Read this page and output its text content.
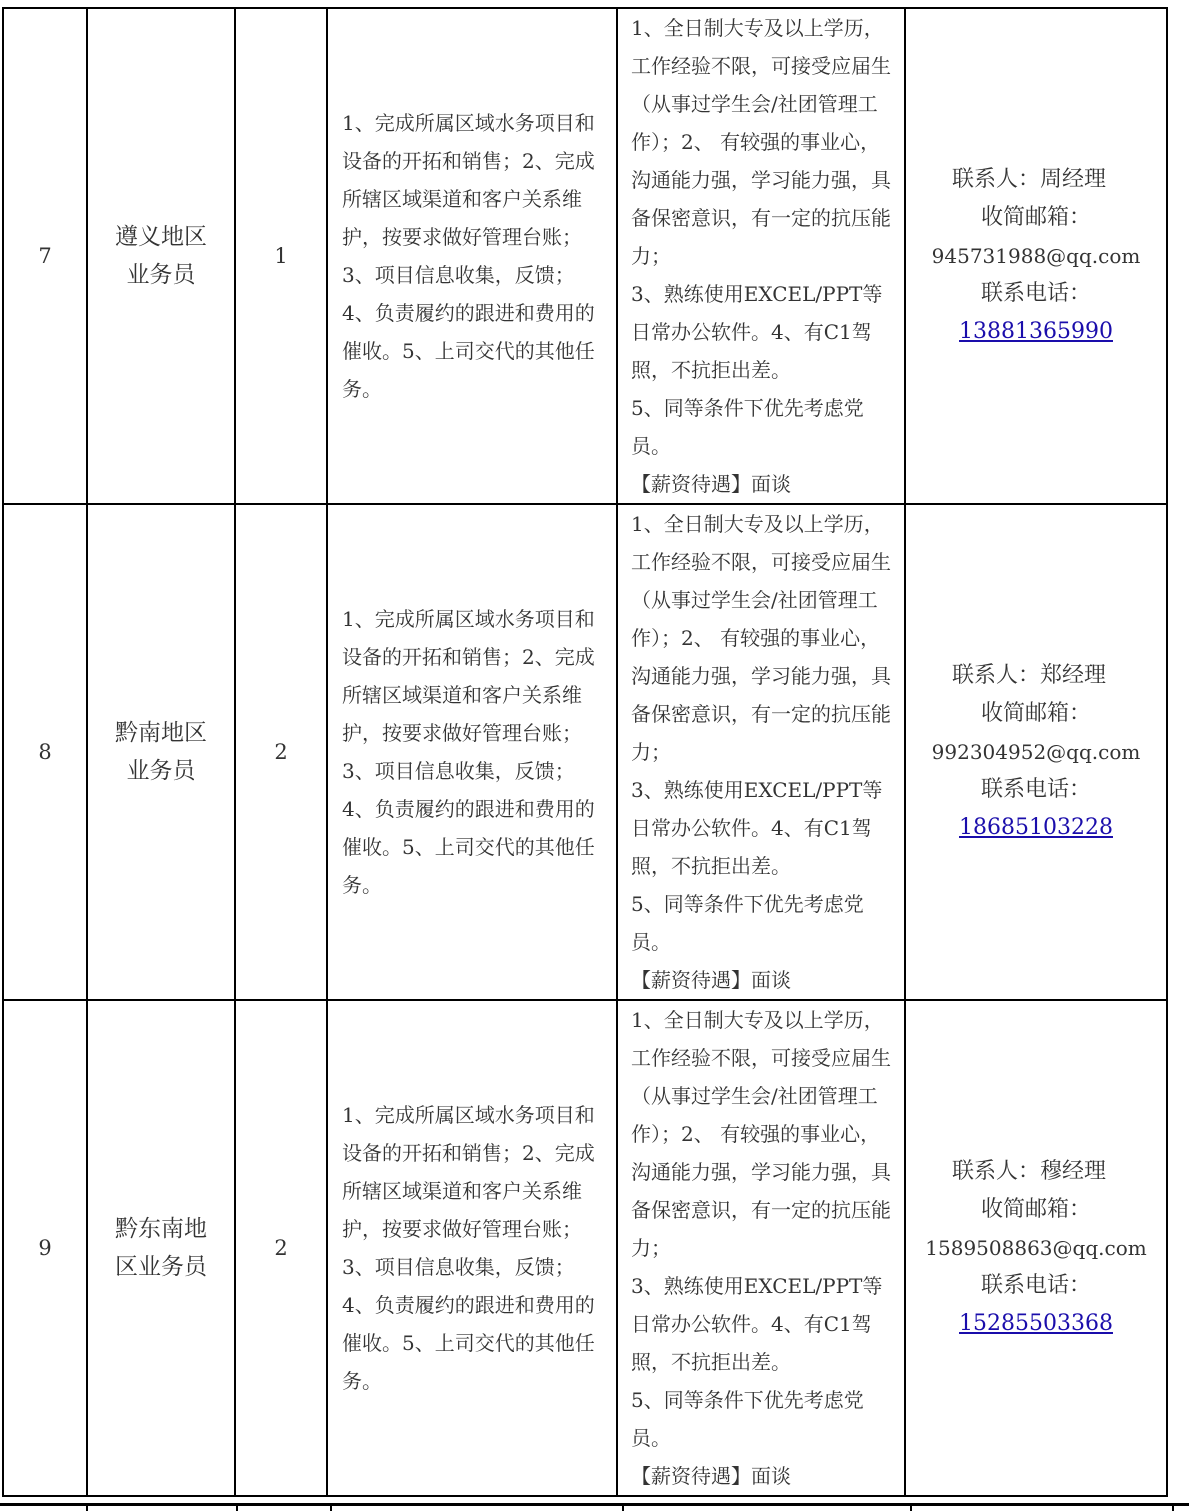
7	遵义地区业务员	1	1、完成所属区域水务项目和设备的开拓和销售；2、完成所辖区域渠道和客户关系维护，按要求做好管理台账；3、项目信息收集，反馈；4、负责履约的跟进和费用的催收。5、上司交代的其他任务。	1、全日制大专及以上学历，工作经验不限，可接受应届生（从事过学生会/社团管理工作）；2、 有较强的事业心，沟通能力强，学习能力强，具备保密意识，有一定的抗压能力；
3、熟练使用EXCEL/PPT等日常办公软件。4、有C1驾照，不抗拒出差。
5、同等条件下优先考虑党员。
【薪资待遇】面谈	联系人：周经理
收简邮箱：
945731988@qq.com
联系电话：
13881365990

8	黔南地区业务员	2	1、完成所属区域水务项目和设备的开拓和销售；2、完成所辖区域渠道和客户关系维护，按要求做好管理台账；3、项目信息收集，反馈；4、负责履约的跟进和费用的催收。5、上司交代的其他任务。	1、全日制大专及以上学历，工作经验不限，可接受应届生（从事过学生会/社团管理工作）；2、 有较强的事业心，沟通能力强，学习能力强，具备保密意识，有一定的抗压能力；
3、熟练使用EXCEL/PPT等日常办公软件。4、有C1驾照，不抗拒出差。
5、同等条件下优先考虑党员。
【薪资待遇】面谈	联系人：郑经理
收简邮箱：
992304952@qq.com
联系电话：
18685103228

9	黔东南地区业务员	2	1、完成所属区域水务项目和设备的开拓和销售；2、完成所辖区域渠道和客户关系维护，按要求做好管理台账；3、项目信息收集，反馈；4、负责履约的跟进和费用的催收。5、上司交代的其他任务。	1、全日制大专及以上学历，工作经验不限，可接受应届生（从事过学生会/社团管理工作）；2、 有较强的事业心，沟通能力强，学习能力强，具备保密意识，有一定的抗压能力；
3、熟练使用EXCEL/PPT等日常办公软件。4、有C1驾照，不抗拒出差。
5、同等条件下优先考虑党员。
【薪资待遇】面谈	联系人：穆经理
收简邮箱：
1589508863@qq.com
联系电话：
15285503368
